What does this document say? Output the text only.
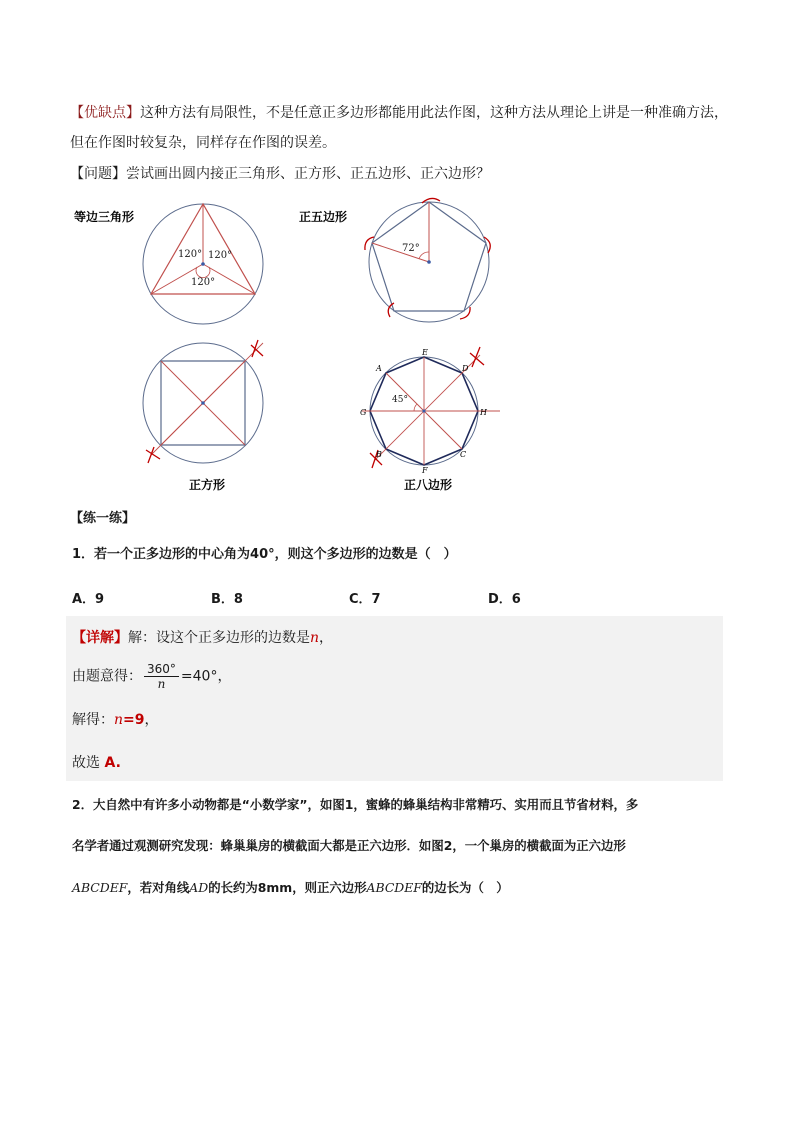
【优缺点】这种方法有局限性，不是任意正多边形都能用此法作图，这种方法从理论上讲是一种准确方法，
但在作图时较复杂，同样存在作图的误差。
【问题】尝试画出圆内接正三角形、正方形、正五边形、正六边形？
等边三角形
120° 120°
120°
正五边形
72°
正方形
45°
A
E
D
G	H
B	C
F
正八边形
【练一练】
1．若一个正多边形的中心角为40°，则这个多边形的边数是（　）
A．9	B．8	C．7	D．6
【详解】解：设这个正多边形的边数是n，
由题意得： $\frac{360^\circ}{n} =40^\circ$，
解得：n=9，
故选 A.
2．大自然中有许多小动物都是“小数学家”，如图1，蜜蜂的蜂巢结构非常精巧、实用而且节省材料，多
名学者通过观测研究发现：蜂巢巢房的横截面大都是正六边形．如图2，一个巢房的横截面为正六边形
ABCDEF，若对角线AD的长约为8mm，则正六边形ABCDEF的边长为（　）
